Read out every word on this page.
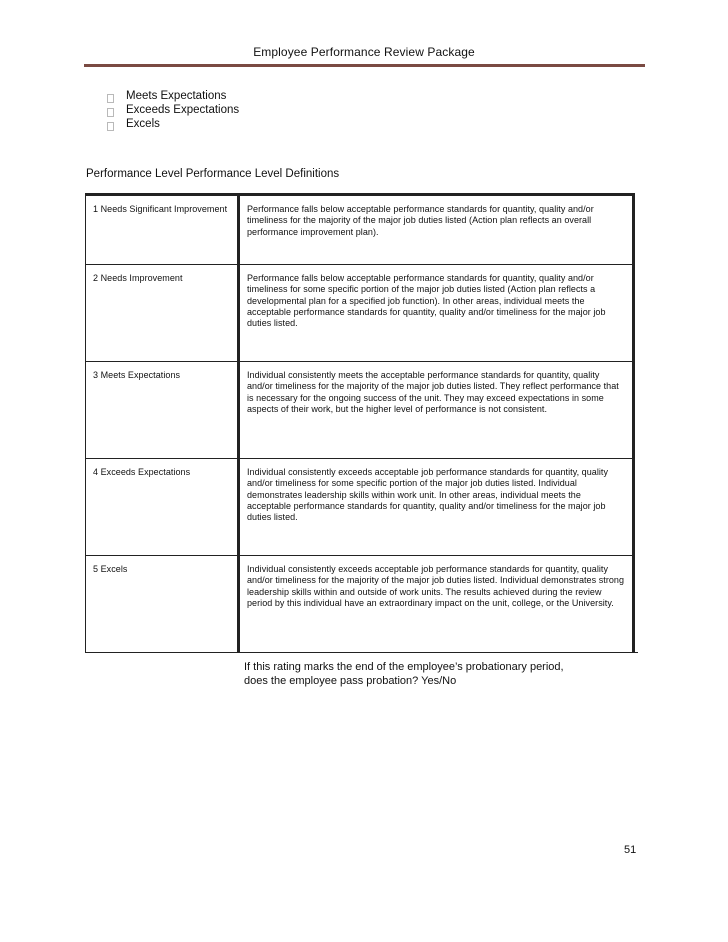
Employee Performance Review Package
Meets Expectations
Exceeds Expectations
Excels
Performance Level Performance Level Definitions
1 Needs Significant Improvement	Performance falls below acceptable performance standards for quantity, quality and/or timeliness for the majority of the major job duties listed (Action plan reflects an overall performance improvement plan).
2 Needs Improvement	Performance falls below acceptable performance standards for quantity, quality and/or timeliness for some specific portion of the major job duties listed (Action plan reflects a developmental plan for a specified job function). In other areas, individual meets the acceptable performance standards for quantity, quality and/or timeliness for the major job duties listed.
3 Meets Expectations	Individual consistently meets the acceptable performance standards for quantity, quality and/or timeliness for the majority of the major job duties listed. They reflect performance that is necessary for the ongoing success of the unit. They may exceed expectations in some aspects of their work, but the higher level of performance is not consistent.
4 Exceeds Expectations	Individual consistently exceeds acceptable job performance standards for quantity, quality and/or timeliness for some specific portion of the major job duties listed. Individual demonstrates leadership skills within work unit. In other areas, individual meets the acceptable performance standards for quantity, quality and/or timeliness for the major job duties listed.
5 Excels	Individual consistently exceeds acceptable job performance standards for quantity, quality and/or timeliness for the majority of the major job duties listed. Individual demonstrates strong leadership skills within and outside of work units. The results achieved during the review period by this individual have an extraordinary impact on the unit, college, or the University.
If this rating marks the end of the employee’s probationary period, does the employee pass probation? Yes/No
51
